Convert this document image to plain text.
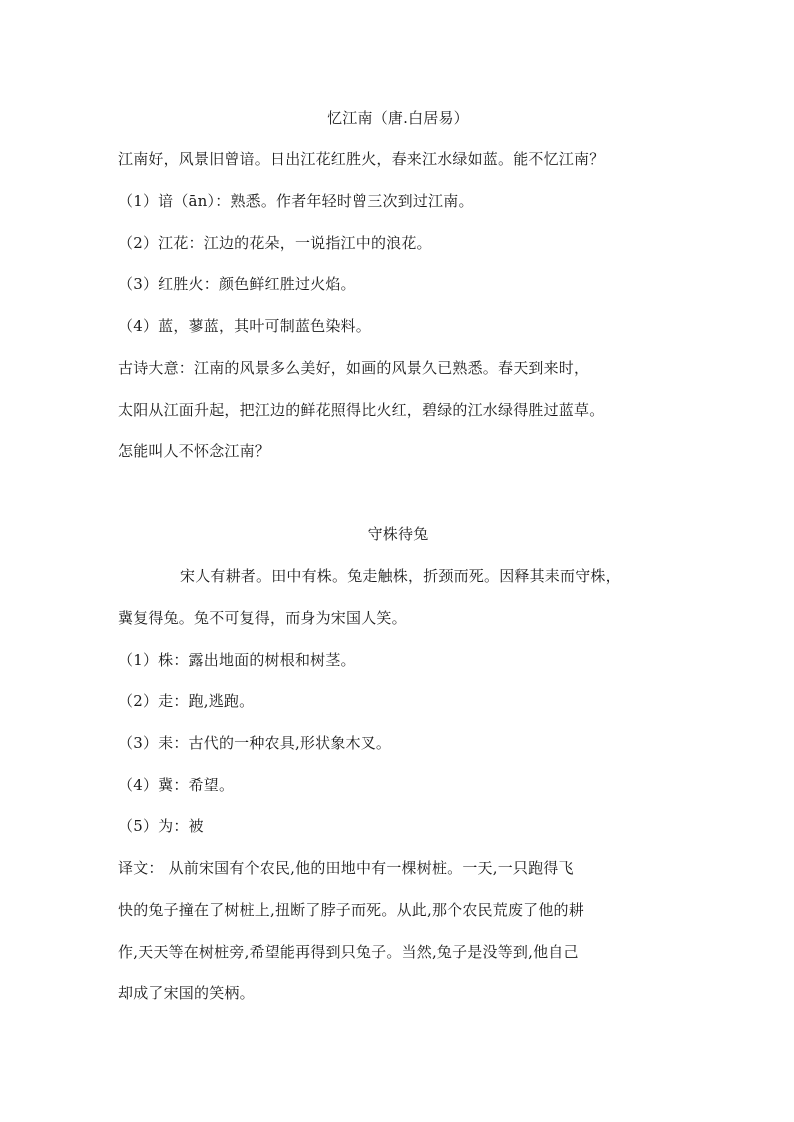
忆江南（唐.白居易）
江南好，风景旧曾谙。日出江花红胜火，春来江水绿如蓝。能不忆江南？
（1）谙（ān）：熟悉。作者年轻时曾三次到过江南。
（2）江花：江边的花朵，一说指江中的浪花。
（3）红胜火：颜色鲜红胜过火焰。
（4）蓝，蓼蓝，其叶可制蓝色染料。
古诗大意：江南的风景多么美好，如画的风景久已熟悉。春天到来时，
太阳从江面升起，把江边的鲜花照得比火红，碧绿的江水绿得胜过蓝草。
怎能叫人不怀念江南？
守株待兔
宋人有耕者。田中有株。兔走触株，折颈而死。因释其耒而守株，
冀复得兔。兔不可复得，而身为宋国人笑。
（1）株：露出地面的树根和树茎。
（2）走：跑,逃跑。
（3）耒：古代的一种农具,形状象木叉。
（4）冀：希望。
（5）为：被
译文： 从前宋国有个农民,他的田地中有一棵树桩。一天,一只跑得飞
快的兔子撞在了树桩上,扭断了脖子而死。从此,那个农民荒废了他的耕
作,天天等在树桩旁,希望能再得到只兔子。当然,兔子是没等到,他自己
却成了宋国的笑柄。
